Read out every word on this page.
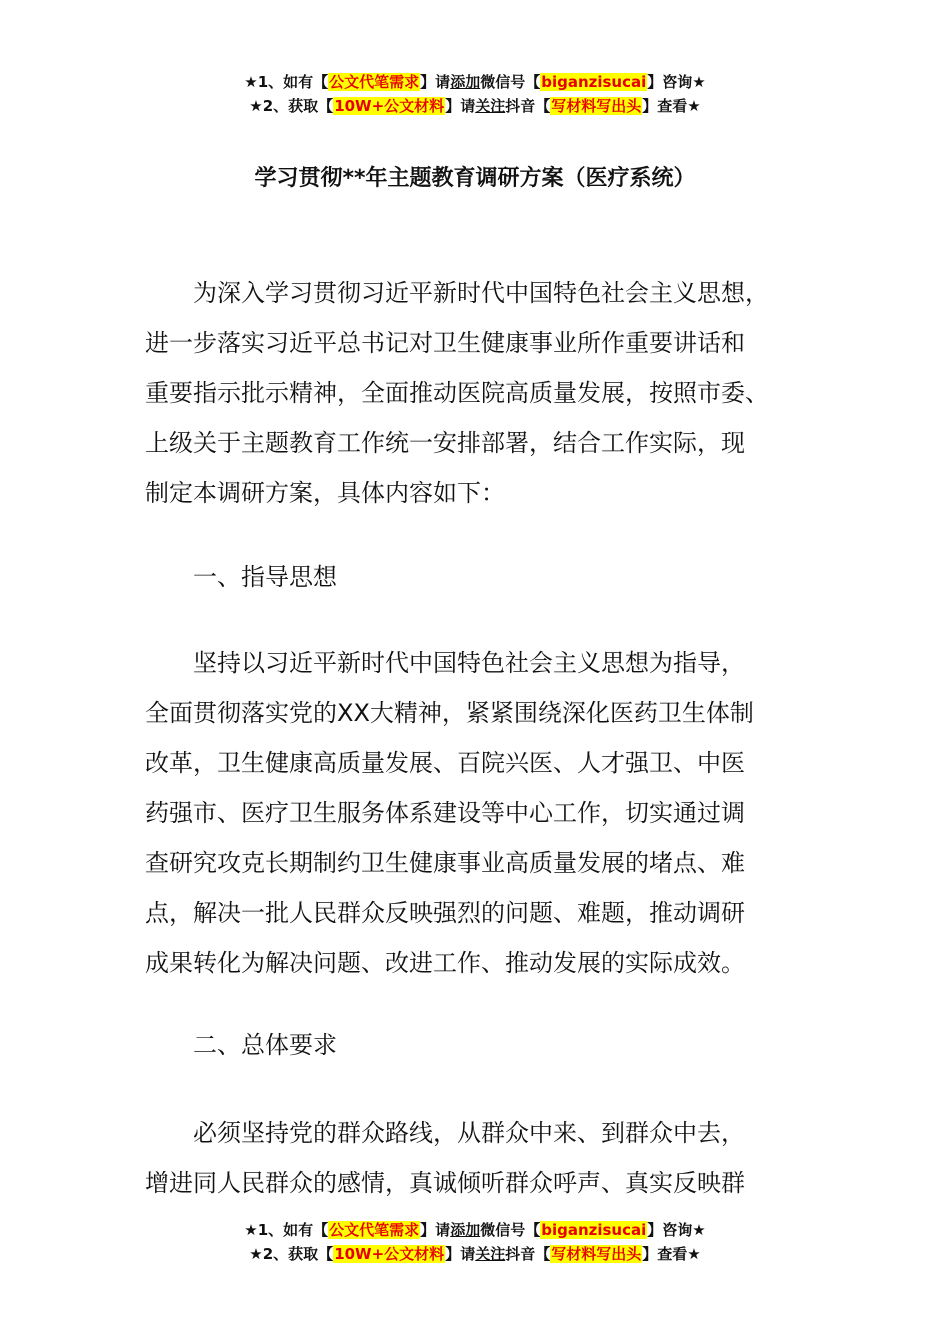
★1、如有【公文代笔需求】请添加微信号【biganzisucai】咨询★
★2、获取【10W+公文材料】请关注抖音【写材料写出头】查看★
学习贯彻**年主题教育调研方案（医疗系统）

为深入学习贯彻习近平新时代中国特色社会主义思想，
进一步落实习近平总书记对卫生健康事业所作重要讲话和
重要指示批示精神，全面推动医院高质量发展，按照市委、
上级关于主题教育工作统一安排部署，结合工作实际，现
制定本调研方案，具体内容如下：

一、指导思想

坚持以习近平新时代中国特色社会主义思想为指导，
全面贯彻落实党的XX大精神，紧紧围绕深化医药卫生体制
改革，卫生健康高质量发展、百院兴医、人才强卫、中医
药强市、医疗卫生服务体系建设等中心工作，切实通过调
查研究攻克长期制约卫生健康事业高质量发展的堵点、难
点，解决一批人民群众反映强烈的问题、难题，推动调研
成果转化为解决问题、改进工作、推动发展的实际成效。

二、总体要求

必须坚持党的群众路线，从群众中来、到群众中去，
增进同人民群众的感情，真诚倾听群众呼声、真实反映群

★1、如有【公文代笔需求】请添加微信号【biganzisucai】咨询★
★2、获取【10W+公文材料】请关注抖音【写材料写出头】查看★
